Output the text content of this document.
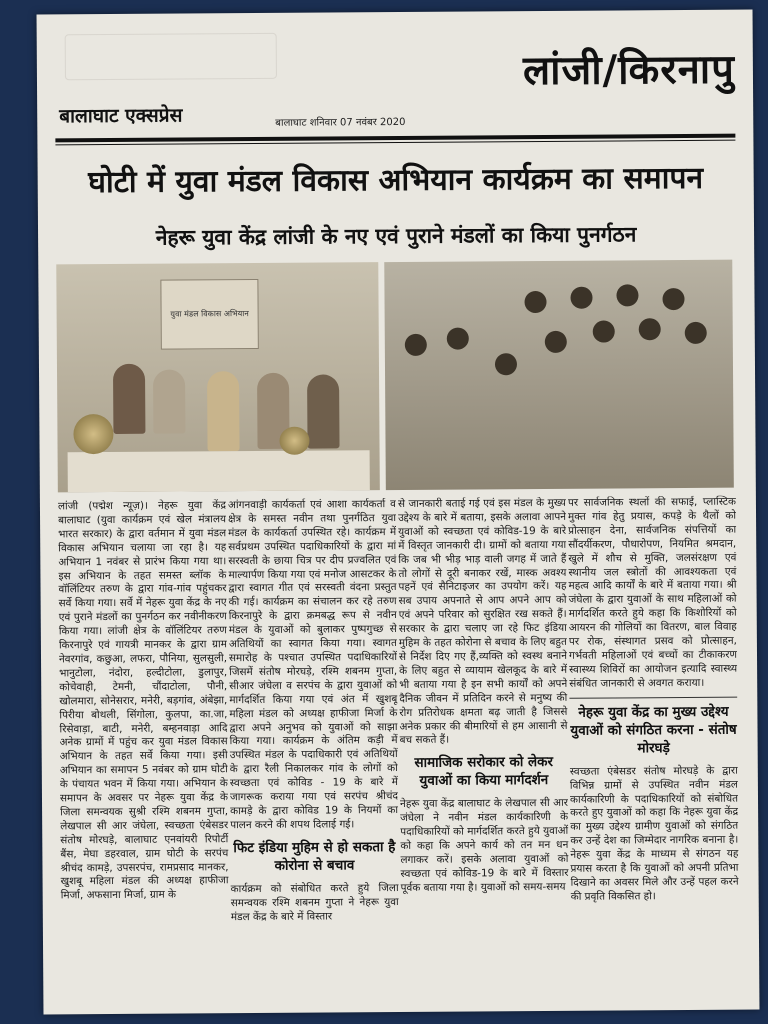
लांजी/किरनापु
बालाघाट एक्सप्रेस	बालाघाट शनिवार 07 नवंबर 2020
घोटी में युवा मंडल विकास अभियान कार्यक्रम का समापन
नेहरू युवा केंद्र लांजी के नए एवं पुराने मंडलों का किया पुनर्गठन
युवा मंडल विकास अभियान

लांजी (पद्मेश न्यूज़)। नेहरू युवा केंद्र बालाघाट (युवा कार्यक्रम एवं खेल मंत्रालय भारत सरकार) के द्वारा वर्तमान में युवा मंडल विकास अभियान चलाया जा रहा है। यह अभियान 1 नवंबर से प्रारंभ किया गया था। इस अभियान के तहत समस्त ब्लॉक के वॉलिंटियर तरुण के द्वारा गांव-गांव पहुंचकर सर्वे किया गया। सर्वे में नेहरू युवा केंद्र के नए एवं पुराने मंडलों का पुनर्गठन कर नवीनीकरण किया गया। लांजी क्षेत्र के वॉलिंटियर तरुण किरनापुरे एवं गायत्री मानकर के द्वारा ग्राम नेवरगांव, कछुआ, लफरा, पौनिया, सुलसुली, भानुटोला, नंदोरा, हल्दीटोला, डुलापुर, कोचेवाही, टेमनी, चौंदाटोला, पौनी, खोलमारा, सोनेसरार, मनेरी, बड़गांव, अंबेझा, पिरीया बोथली, सिंगोला, कुलपा, का.जा, रिसेवाड़ा, बाटी, मनेरी, बम्हनवाड़ा आदि अनेक ग्रामों में पहुंच कर युवा मंडल विकास अभियान के तहत सर्वे किया गया। इसी अभियान का समापन 5 नवंबर को ग्राम घोटी के पंचायत भवन में किया गया। अभियान के समापन के अवसर पर नेहरू युवा केंद्र के जिला समन्वयक सुश्री रश्मि शबनम गुप्ता, लेखपाल सी आर जंघेला, स्वच्छता एंबेसडर संतोष मोरघड़े, बालाघाट एनवांयरी रिपोर्टी बैंस, मेघा डहरवाल, ग्राम घोटी के सरपंच श्रीचंद कामड़े, उपसरपंच, रामप्रसाद मानकर, खुशबू महिला मंडल की अध्यक्ष हाफीजा मिर्जा, अफसाना मिर्जा, ग्राम के

आंगनवाड़ी कार्यकर्ता एवं आशा कार्यकर्ता व क्षेत्र के समस्त नवीन तथा पुनर्गठित युवा मंडल के कार्यकर्ता उपस्थित रहे। कार्यक्रम में सर्वप्रथम उपस्थित पदाधिकारियों के द्वारा मां सरस्वती के छाया चित्र पर दीप प्रज्वलित एवं माल्यार्पण किया गया एवं मनोज आसटकर के द्वारा स्वागत गीत एवं सरस्वती वंदना प्रस्तुत की गई। कार्यक्रम का संचालन कर रहे तरुण किरनापुरे के द्वारा क्रमबद्ध रूप से नवीन मंडल के युवाओं को बुलाकर पुष्पगुच्छ से अतिथियों का स्वागत किया गया। स्वागत समारोह के पश्चात उपस्थित पदाधिकारियों जिसमें संतोष मोरघड़े, रश्मि शबनम गुप्ता, सीआर जंघेला व सरपंच के द्वारा युवाओं को मार्गदर्शित किया गया एवं अंत में खुशबू महिला मंडल को अध्यक्ष हाफीजा मिर्जा के द्वारा अपने अनुभव को युवाओं को साझा किया गया। कार्यक्रम के अंतिम कड़ी में उपस्थित मंडल के पदाधिकारी एवं अतिथियों के द्वारा रैली निकालकर गांव के लोगों को स्वच्छता एवं कोविड - 19 के बारे में जागरूक कराया गया एवं सरपंच श्रीचंद कामड़े के द्वारा कोविड 19 के नियमों का पालन करने की शपथ दिलाई गई।

फिट इंडिया मुहिम से हो सकता है कोरोना से बचाव

कार्यक्रम को संबोधित करते हुये जिला समन्वयक रश्मि शबनम गुप्ता ने नेहरू युवा मंडल केंद्र के बारे में विस्तार

से जानकारी बताई गई एवं इस मंडल के मुख्य उद्देश्य के बारे में बताया, इसके अलावा आपने युवाओं को स्वच्छता एवं कोविड-19 के बारे में विस्तृत जानकारी दी। ग्रामों को बताया गया कि जब भी भीड़ भाड़ वाली जगह में जाते हैं तो लोगों से दूरी बनाकर रखें, मास्क अवश्य पहनें एवं सैनिटाइजर का उपयोग करें। यह सब उपाय अपनाते से आप अपने आप को एवं अपने परिवार को सुरक्षित रख सकते हैं। सरकार के द्वारा चलाए जा रहे फिट इंडिया मुहिम के तहत कोरोना से बचाव के लिए बहुत से निर्देश दिए गए हैं,व्यक्ति को स्वस्थ बनाने के लिए बहुत से व्यायाम खेलकूद के बारे में भी बताया गया है इन सभी कार्यों को अपने दैनिक जीवन में प्रतिदिन करने से मनुष्य की रोग प्रतिरोधक क्षमता बढ़ जाती है जिससे अनेक प्रकार की बीमारियों से हम आसानी से बच सकते हैं।

सामाजिक सरोकार को लेकर युवाओं का किया मार्गदर्शन

नेहरू युवा केंद्र बालाघाट के लेखपाल सी आर जंघेला ने नवीन मंडल कार्यकारिणी के पदाधिकारियों को मार्गदर्शित करते हुये युवाओं को कहा कि अपने कार्य को तन मन धन लगाकर करें। इसके अलावा युवाओं को स्वच्छता एवं कोविड-19 के बारे में विस्तार पूर्वक बताया गया है। युवाओं को समय-समय

पर सार्वजनिक स्थलों की सफाई, प्लास्टिक मुक्त गांव हेतु प्रयास, कपड़े के थैलों को प्रोत्साहन देना, सार्वजनिक संपत्तियों का सौंदर्यीकरण, पौधारोपण, नियमित श्रमदान, खुले में शौच से मुक्ति, जलसंरक्षण एवं स्थानीय जल स्त्रोतों की आवश्यकता एवं महत्व आदि कार्यों के बारे में बताया गया। श्री जंघेला के द्वारा युवाओं के साथ महिलाओं को मार्गदर्शित करते हुये कहा कि किशोरियों को आयरन की गोलियों का वितरण, बाल विवाह पर रोक, संस्थागत प्रसव को प्रोत्साहन, गर्भवती महिलाओं एवं बच्चों का टीकाकरण स्वास्थ्य शिविरों का आयोजन इत्यादि स्वास्थ्य संबंधित जानकारी से अवगत कराया।

नेहरू युवा केंद्र का मुख्य उद्देश्य युवाओं को संगठित करना - संतोष मोरघड़े

स्वच्छता एंबेसडर संतोष मोरघड़े के द्वारा विभिन्न ग्रामों से उपस्थित नवीन मंडल कार्यकारिणी के पदाधिकारियों को संबोधित करते हुए युवाओं को कहा कि नेहरू युवा केंद्र का मुख्य उद्देश्य ग्रामीण युवाओं को संगठित कर उन्हें देश का जिम्मेदार नागरिक बनाना है। नेहरू युवा केंद्र के माध्यम से संगठन यह प्रयास करता है कि युवाओं को अपनी प्रतिभा दिखाने का अवसर मिले और उन्हें पहल करने की प्रवृति विकसित हो।
